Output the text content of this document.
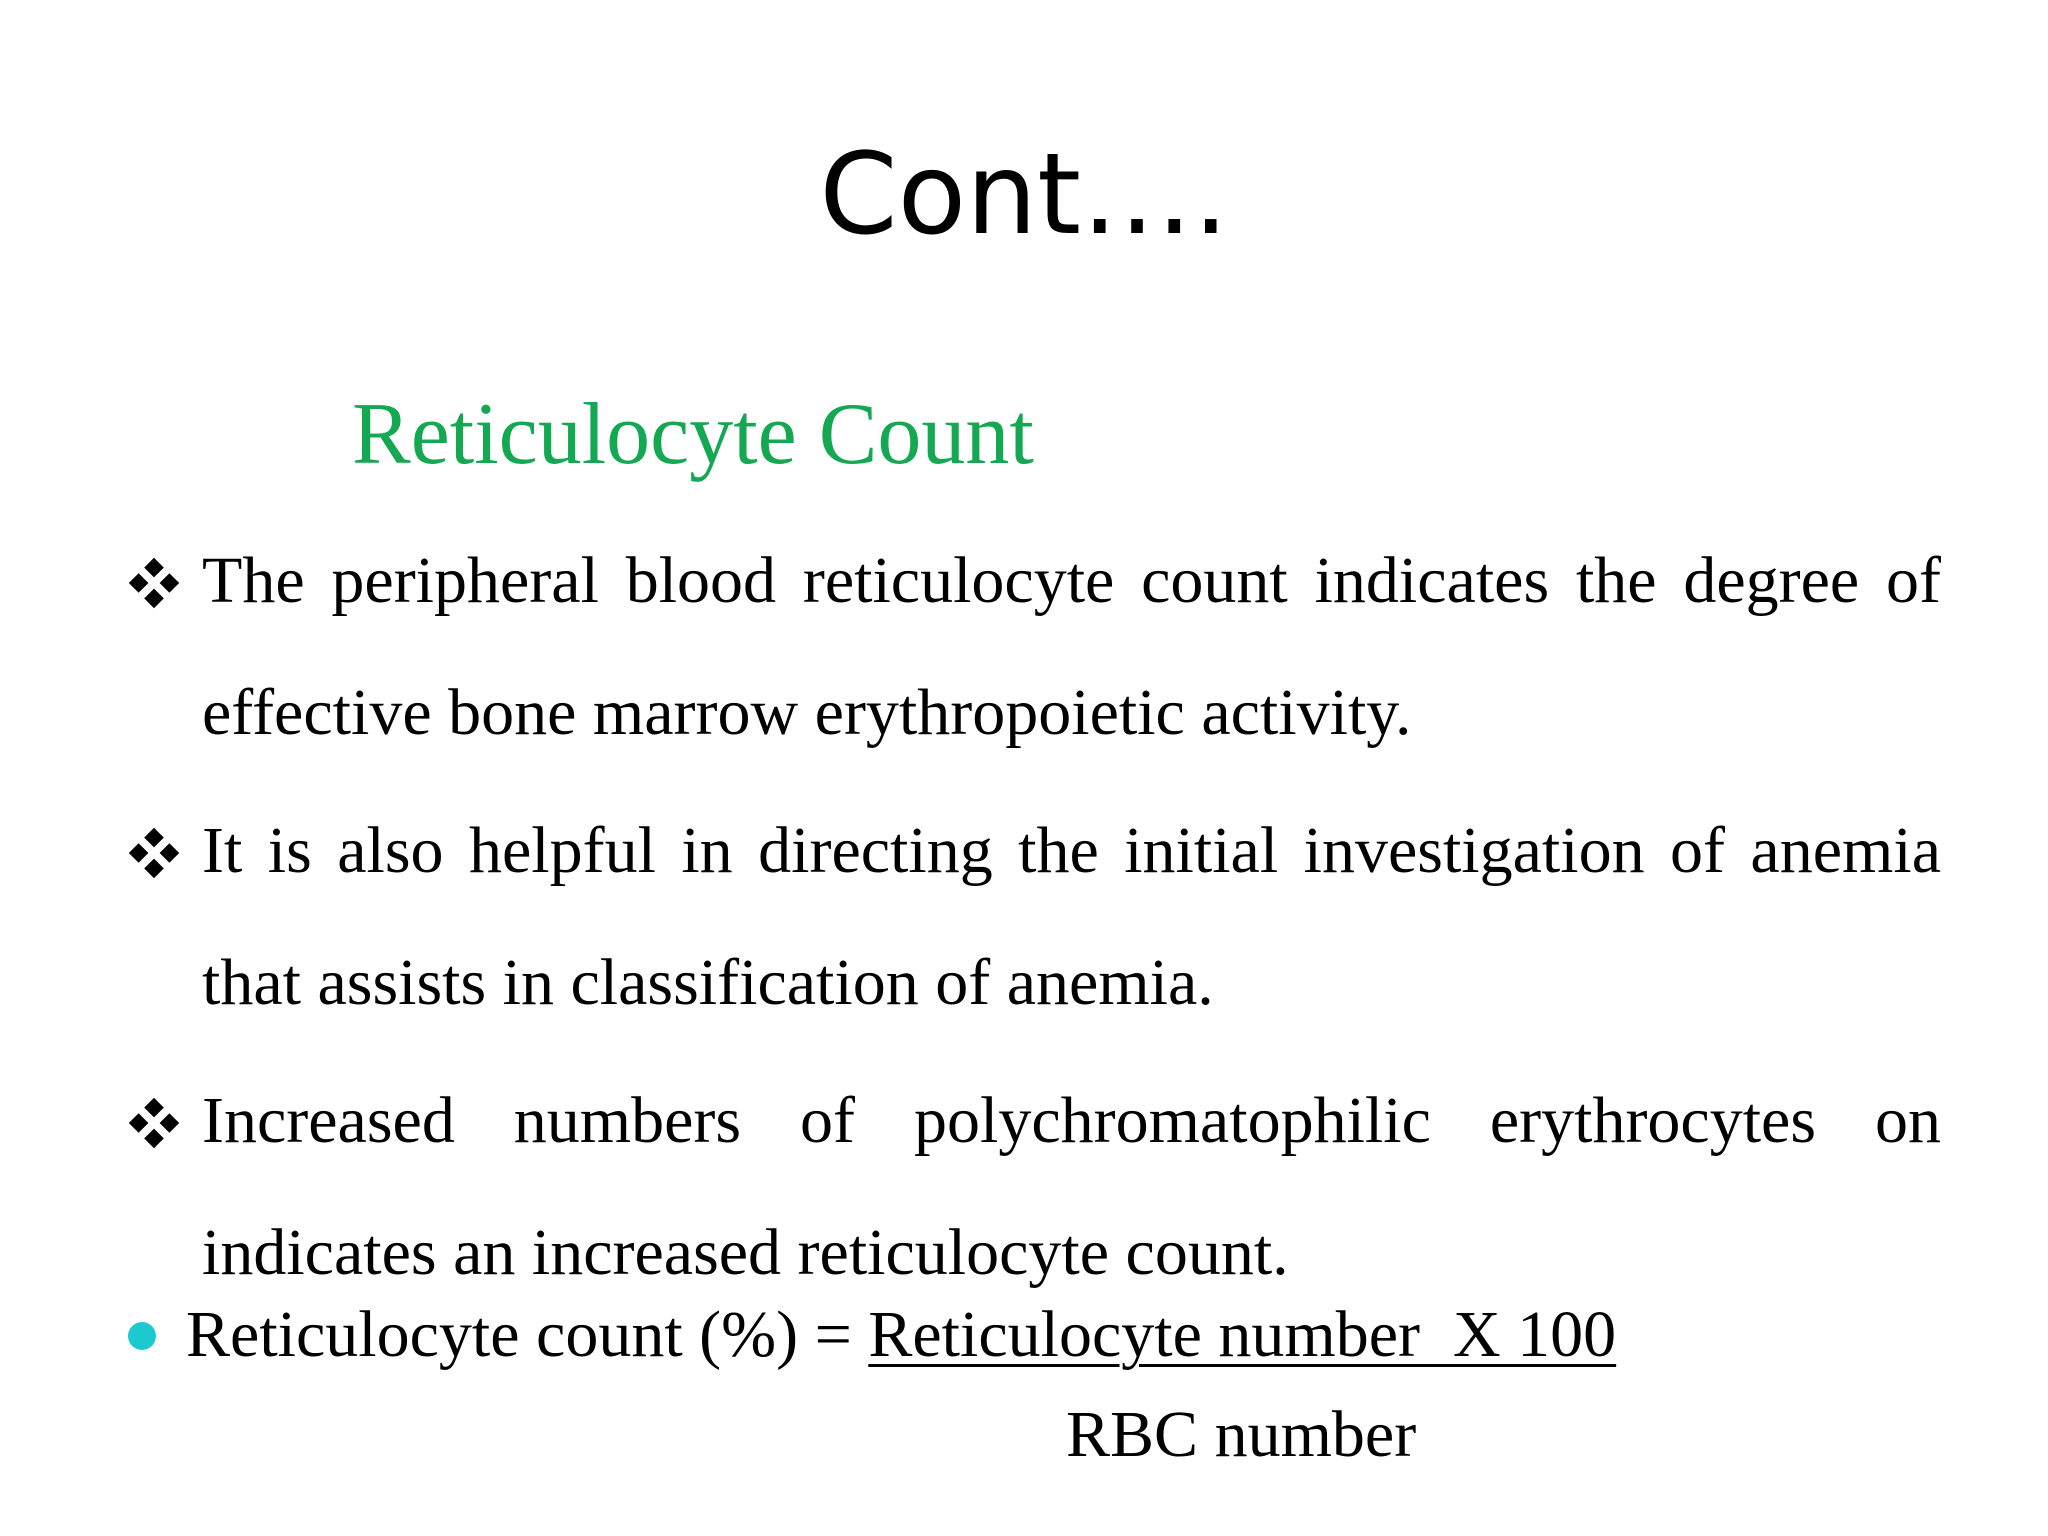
Cont….
Reticulocyte Count
The peripheral blood reticulocyte count indicates the degree of effective bone marrow erythropoietic activity.
It is also helpful in directing the initial investigation of anemia that assists in classification of anemia.
Increased numbers of polychromatophilic erythrocytes on indicates an increased reticulocyte count.
Reticulocyte count (%) = Reticulocyte number  X 100
RBC number
